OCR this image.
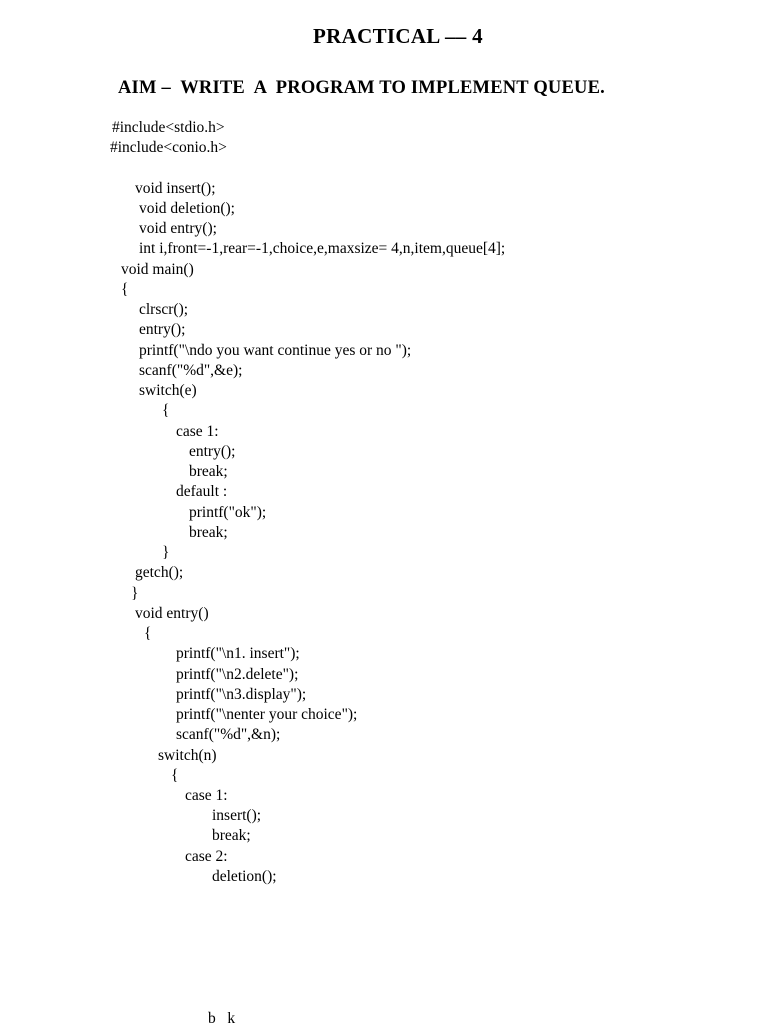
PRACTICAL –– 4
AIM –  WRITE  A  PROGRAM TO IMPLEMENT QUEUE.
#include<stdio.h>
#include<conio.h>
void insert();
void deletion();
void entry();
int i,front=-1,rear=-1,choice,e,maxsize= 4,n,item,queue[4];
void main()
{
clrscr();
entry();
printf("\ndo you want continue yes or no ");
scanf("%d",&e);
switch(e)
{
case 1:
entry();
break;
default :
printf("ok");
break;
}
getch();
}
void entry()
{
printf("\n1. insert");
printf("\n2.delete");
printf("\n3.display");
printf("\nenter your choice");
scanf("%d",&n);
switch(n)
{
case 1:
insert();
break;
case 2:
deletion();
b   k
